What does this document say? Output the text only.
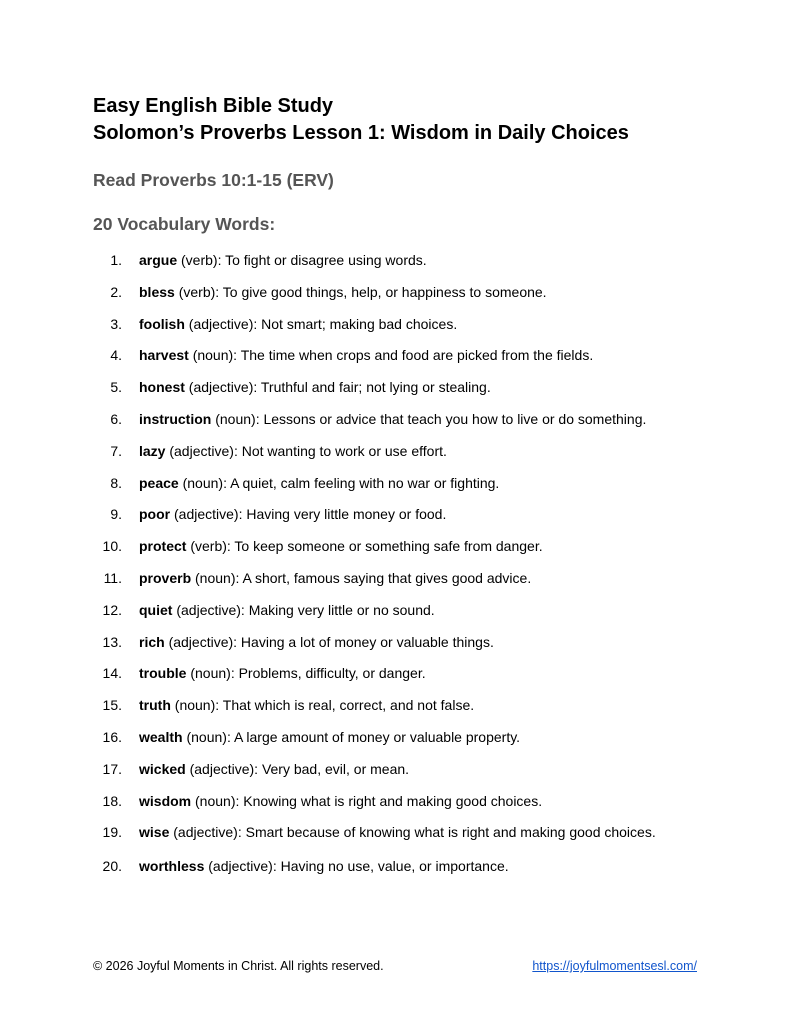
Easy English Bible Study
Solomon’s Proverbs Lesson 1: Wisdom in Daily Choices
Read Proverbs 10:1-15 (ERV)
20 Vocabulary Words:
1. argue (verb): To fight or disagree using words.
2. bless (verb): To give good things, help, or happiness to someone.
3. foolish (adjective): Not smart; making bad choices.
4. harvest (noun): The time when crops and food are picked from the fields.
5. honest (adjective): Truthful and fair; not lying or stealing.
6. instruction (noun): Lessons or advice that teach you how to live or do something.
7. lazy (adjective): Not wanting to work or use effort.
8. peace (noun): A quiet, calm feeling with no war or fighting.
9. poor (adjective): Having very little money or food.
10. protect (verb): To keep someone or something safe from danger.
11. proverb (noun): A short, famous saying that gives good advice.
12. quiet (adjective): Making very little or no sound.
13. rich (adjective): Having a lot of money or valuable things.
14. trouble (noun): Problems, difficulty, or danger.
15. truth (noun): That which is real, correct, and not false.
16. wealth (noun): A large amount of money or valuable property.
17. wicked (adjective): Very bad, evil, or mean.
18. wisdom (noun): Knowing what is right and making good choices.
19. wise (adjective): Smart because of knowing what is right and making good choices.
20. worthless (adjective): Having no use, value, or importance.
© 2026 Joyful Moments in Christ. All rights reserved.	https://joyfulmomentsesl.com/
